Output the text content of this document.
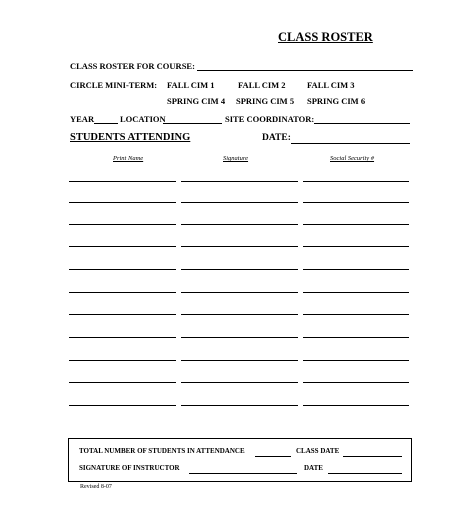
CLASS ROSTER
CLASS ROSTER FOR COURSE:
CIRCLE MINI-TERM: FALL CIM 1	FALL CIM 2	FALL CIM 3
SPRING CIM 4 SPRING CIM 5 SPRING CIM 6
YEAR	LOCATION	SITE COORDINATOR:
STUDENTS ATTENDING	DATE:
Print Name	Signature	Social Security #
TOTAL NUMBER OF STUDENTS IN ATTENDANCE	CLASS DATE
SIGNATURE OF INSTRUCTOR	DATE
Revised 8-07
